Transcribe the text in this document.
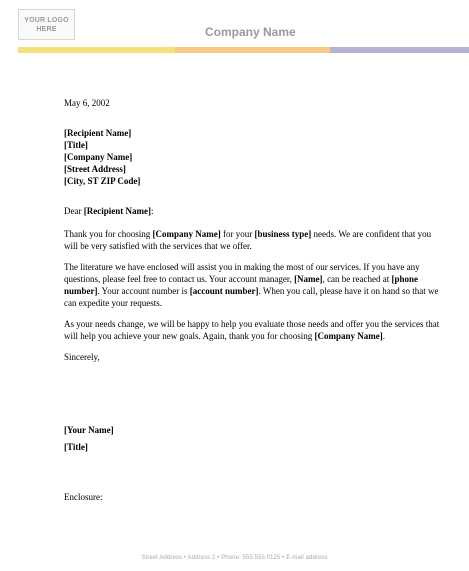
YOUR LOGO
HERE	Company Name

May 6, 2002

[Recipient Name]
[Title]
[Company Name]
[Street Address]
[City, ST ZIP Code]

Dear [Recipient Name]:

Thank you for choosing [Company Name] for your [business type] needs. We are confident that you will be very satisfied with the services that we offer.

The literature we have enclosed will assist you in making the most of our services. If you have any questions, please feel free to contact us. Your account manager, [Name], can be reached at [phone number]. Your account number is [account number]. When you call, please have it on hand so that we can expedite your requests.

As your needs change, we will be happy to help you evaluate those needs and offer you the services that will help you achieve your new goals. Again, thank you for choosing [Company Name].

Sincerely,

[Your Name]

[Title]

Enclosure:

Street Address • Address 2 • Phone: 555.555.0125 • E-mail address
